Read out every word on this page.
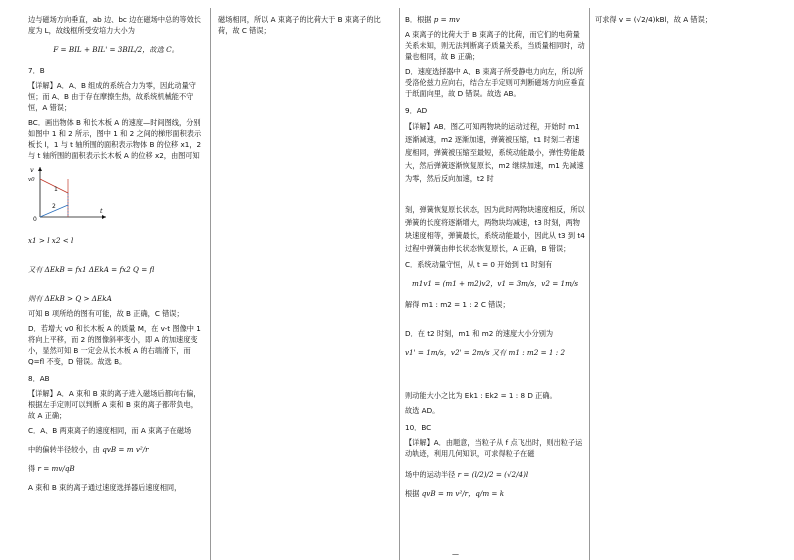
边与磁场方向垂直，ab 边、bc 边在磁场中总的等效长度为 L，故线框所受安培力大小为

F = BIL + BIL' = 3BIL/2，故选 C。

7．B

【详解】A．A、B 组成的系统合力为零，因此动量守恒；而 A、B 由于存在摩擦生热，故系统机械能不守恒，A 错误；

BC．画出物体 B 和长木板 A 的速度—时间图线，分别如图中 1 和 2 所示，图中 1 和 2 之间的梯形面积表示板长 l，1 与 t 轴所围的面积表示物体 B 的位移 x1，2 与 t 轴所围的面积表示长木板 A 的位移 x2，由图可知

v
t
v0
0
1
2

x1 > l x2 < l

又有 ΔEkB = fx1 ΔEkA = fx2 Q = fl

则有 ΔEkB > Q > ΔEkA

可知 B 项所给的图有可能，故 B 正确，C 错误；

D．若增大 v0 和长木板 A 的质量 M，在 v-t 图像中 1 将向上平移，而 2 的图像斜率变小，即 A 的加速度变小，显然可知 B 一定会从长木板 A 的右端滑下，而 Q=fl 不变，D 错误。故选 B。

8．AB

【详解】A．A 束和 B 束的离子进入磁场后都向右偏，根据左手定则可以判断 A 束和 B 束的离子都带负电，故 A 正确；

C．A、B 两束离子的速度相同，而 A 束离子在磁场

中的偏转半径较小，由 qvB = m v²/r

得 r = mv/qB

A 束和 B 束的离子通过速度选择器后速度相同，

磁场相同，所以 A 束离子的比荷大于 B 束离子的比荷，故 C 错误；

B．根据 p = mv

A 束离子的比荷大于 B 束离子的比荷，而它们的电荷量关系未知，则无法判断离子质量关系，当质量相同时，动量也相同，故 B 正确；

D．速度选择器中 A、B 束离子所受静电力向左，所以所受洛伦兹力应向右，结合左手定则可判断磁场方向应垂直于纸面向里，故 D 错误。故选 AB。

9．AD

【详解】AB．图乙可知两物块的运动过程，开始时 m1 逐渐减速，m2 逐渐加速，弹簧被压缩，t1 时刻二者速度相同，弹簧被压缩至最短，系统动能最小，弹性势能最大，然后弹簧逐渐恢复原长，m2 继续加速，m1 先减速为零，然后反向加速，t2 时

刻，弹簧恢复原长状态，因为此时两物块速度相反，所以弹簧的长度将逐渐增大，两物块均减速，t3 时刻，两物块速度相等，弹簧最长，系统动能最小，因此从 t3 到 t4 过程中弹簧由伸长状态恢复原长，A 正确，B 错误；

C．系统动量守恒，从 t = 0 开始到 t1 时刻有

m1v1 = (m1 + m2)v2，v1 = 3m/s，v2 = 1m/s

解得 m1 : m2 = 1 : 2 C 错误；

D．在 t2 时刻，m1 和 m2 的速度大小分别为

v1' = 1m/s，v2' = 2m/s 又有 m1 : m2 = 1 : 2

则动能大小之比为 Ek1 : Ek2 = 1 : 8 D 正确。

故选 AD。

10．BC

【详解】A．由题意，当粒子从 f 点飞出时，则出粒子运动轨迹，利用几何知识，可求得粒子在磁

场中的运动半径 r = (l/2)/2 = (√2/4)l

根据 qvB = m v²/r，q/m = k

可求得 v = (√2/4)kBl，故 A 错误；

—
